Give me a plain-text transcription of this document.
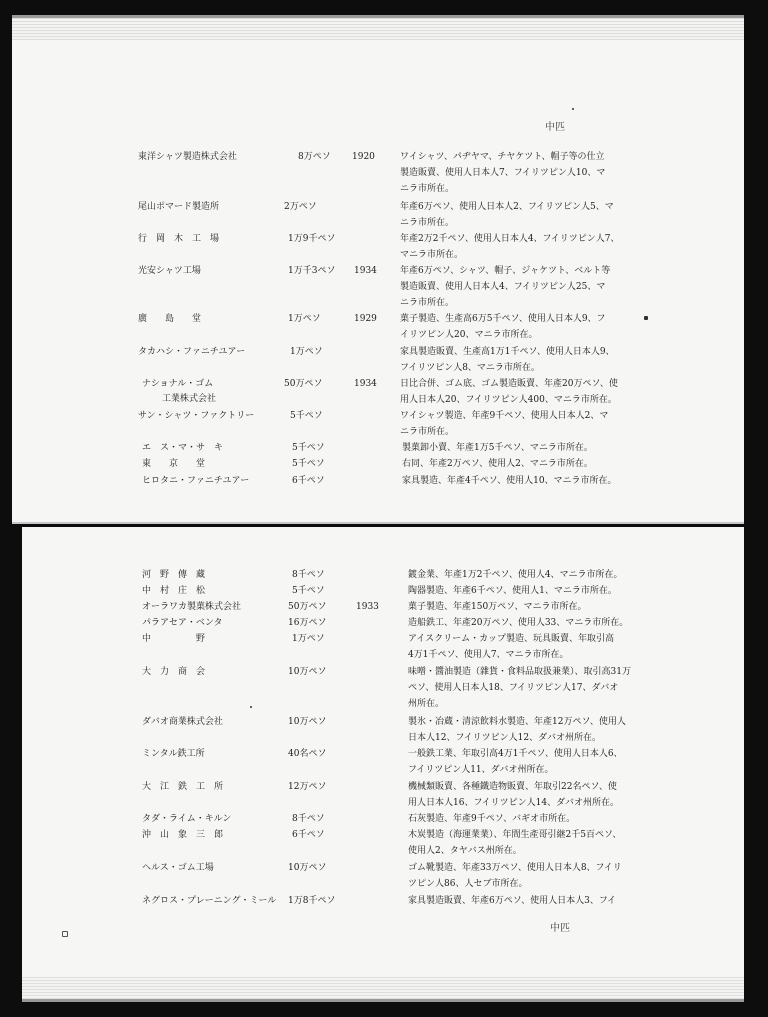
中匹
東洋シャツ製造株式会社	8万ペソ 1920	ワイシャツ、パヂヤマ、チヤケツト、帽子等の仕立
製造販賣、使用人日本人7、フイリツピン人10、マ
ニラ市所在。
尾山ポマード製造所	2万ペソ	年產6万ペソ、使用人日本人2、フイリツピン人5、マ
ニラ市所在。
行　岡　木　工　場	1万9千ペソ	年產2万2千ペソ、使用人日本人4、フイリツピン人7、
マニラ市所在。
光安シャツ工場	1万千3ペソ 1934	年產6万ペソ、シャツ、帽子、ジャケツト、ベルト等
製造販賣、使用人日本人4、フイリツピン人25、マ
ニラ市所在。
廣　　島　　堂	1万ペソ	1929	菓子製造、生產高6万5千ペソ、使用人日本人9、フ
イリツピン人20、マニラ市所在。
タカハシ・ファニチユアー	1万ペソ	家具製造販賣、生產高1万1千ペソ、使用人日本人9、
フイリツピン人8、マニラ市所在。
ナショナル・ゴム
工業株式会社
50万ペソ	1934	日比合併、ゴム底、ゴム製造販賣、年產20万ペソ、使
用人日本人20、フイリツピン人400、マニラ市所在。
サン・シャツ・ファクトリー	5千ペソ	ワイシャツ製造、年產9千ペソ、使用人日本人2、マ
ニラ市所在。
エ　ス・マ・サ　キ	5千ペソ	製菓卸小賣、年產1万5千ペソ、マニラ市所在。
東　　京　　堂	5千ペソ	右同、年產2万ペソ、使用人2、マニラ市所在。
ヒロタニ・ファニチユアー	6千ペソ	家具製造、年產4千ペソ、使用人10、マニラ市所在。
河　野　傳　藏	8千ペソ	鍍金業、年產1万2千ペソ、使用人4、マニラ市所在。
中　村　庄　松	5千ペソ	陶器製造、年產6千ペソ、使用人1、マニラ市所在。
オーラワカ製菓株式会社	50万ペソ	1933	菓子製造、年產150万ペソ、マニラ市所在。
パラアセア・ベンタ	16万ペソ	造船鉄工、年產20万ペソ、使用人33、マニラ市所在。
中　　　　　野	1万ペソ	アイスクリーム・カップ製造、玩具販賣、年取引高
4万1千ペソ、使用人7、マニラ市所在。
大　力　商　会	10万ペソ	味噌・醬油製造（雜貨・食料品取扱兼業）、取引高31万
ペソ、使用人日本人18、フイリツピン人17、ダバオ
州所在。
ダバオ商業株式会社	10万ペソ	製氷・冶蔵・清涼飲料水製造、年產12万ペソ、使用人
日本人12、フイリツピン人12、ダバオ州所在。
ミンタル鉄工所	40名ペソ	一般鉄工業、年取引高4万1千ペソ、使用人日本人6、
フイリツピン人11、ダバオ州所在。
大　江　鉄　工　所	12万ペソ	機械類販賣、各種鐵造物販賣、年取引22名ペソ、使
用人日本人16、フイリツピン人14、ダバオ州所在。
タダ・ライム・キルン	8千ペソ	石灰製造、年產9千ペソ、バギオ市所在。
沖　山　象　三　郎	6千ペソ	木炭製造（海運業業）、年間生產哥引継2千5百ペソ、
使用人2、タヤバス州所在。
ヘルス・ゴム工場	10万ペソ	ゴム靴製造、年產33万ペソ、使用人日本人8、フイリ
ツピン人86、人セブ市所在。
ネグロス・プレーニング・ミール 1万8千ペソ	家具製造販賣、年產6万ペソ、使用人日本人3、フイ
中匹
